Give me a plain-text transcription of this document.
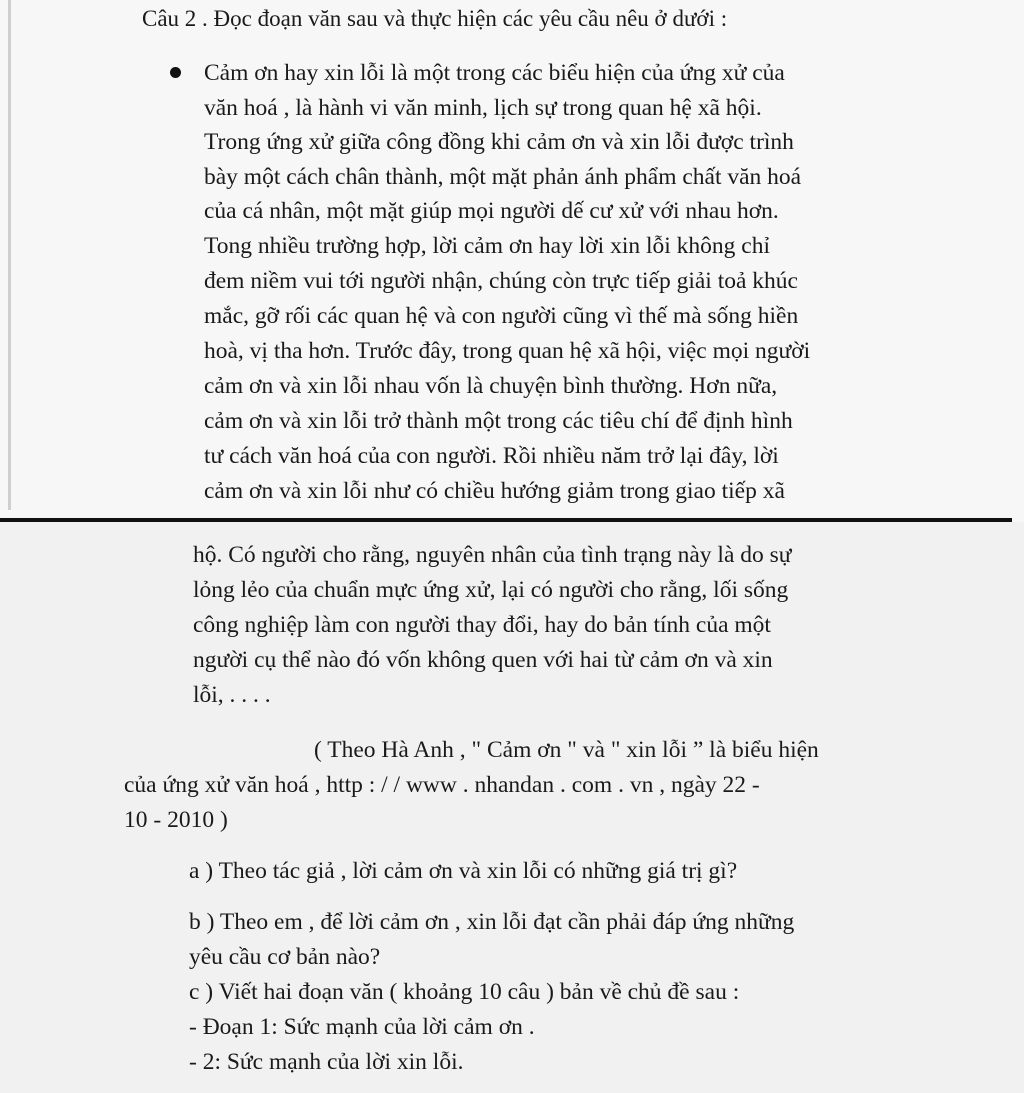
Câu 2 . Đọc đoạn văn sau và thực hiện các yêu cầu nêu ở dưới :
Cảm ơn hay xin lỗi là một trong các biểu hiện của ứng xử của
văn hoá , là hành vi văn minh, lịch sự trong quan hệ xã hội.
Trong ứng xử giữa công đồng khi cảm ơn và xin lỗi được trình
bày một cách chân thành, một mặt phản ánh phẩm chất văn hoá
của cá nhân, một mặt giúp mọi người dế cư xử với nhau hơn.
Tong nhiều trường hợp, lời cảm ơn hay lời xin lỗi không chỉ
đem niềm vui tới người nhận, chúng còn trực tiếp giải toả khúc
mắc, gỡ rối các quan hệ và con người cũng vì thế mà sống hiền
hoà, vị tha hơn. Trước đây, trong quan hệ xã hội, việc mọi người
cảm ơn và xin lỗi nhau vốn là chuyện bình thường. Hơn nữa,
cảm ơn và xin lỗi trở thành một trong các tiêu chí để định hình
tư cách văn hoá của con người. Rồi nhiều năm trở lại đây, lời
cảm ơn và xin lỗi như có chiều hướng giảm trong giao tiếp xã
hộ. Có người cho rằng, nguyên nhân của tình trạng này là do sự
lỏng lẻo của chuẩn mực ứng xử, lại có người cho rằng, lối sống
công nghiệp làm con người thay đổi, hay do bản tính của một
người cụ thể nào đó vốn không quen với hai từ cảm ơn và xin
lỗi, . . . .
( Theo Hà Anh , " Cảm ơn " và " xin lỗi ” là biểu hiện
của ứng xử văn hoá , http : / / www . nhandan . com . vn , ngày 22 -
10 - 2010 )
a ) Theo tác giả , lời cảm ơn và xin lỗi có những giá trị gì?
b ) Theo em , để lời cảm ơn , xin lỗi đạt cần phải đáp ứng những
yêu cầu cơ bản nào?
c ) Viết hai đoạn văn ( khoảng 10 câu ) bản về chủ đề sau :
- Đoạn 1: Sức mạnh của lời cảm ơn .
- 2: Sức mạnh của lời xin lỗi.
